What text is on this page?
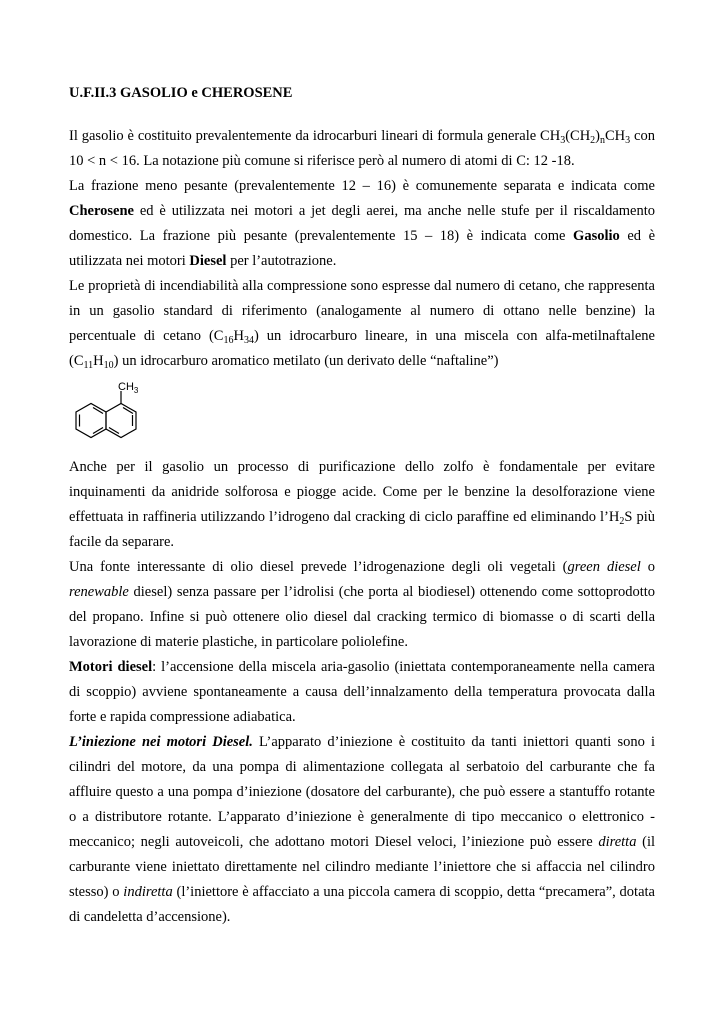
U.F.II.3 GASOLIO e CHEROSENE

Il gasolio è costituito prevalentemente da idrocarburi lineari di formula generale $CH_3(CH_2)_nCH_3$ con 10 < n < 16. La notazione più comune si riferisce però al numero di atomi di C: 12 -18.

La frazione meno pesante (prevalentemente 12 – 16) è comunemente separata e indicata come Cherosene ed è utilizzata nei motori a jet degli aerei, ma anche nelle stufe per il riscaldamento domestico. La frazione più pesante (prevalentemente 15 – 18) è indicata come Gasolio ed è utilizzata nei motori Diesel per l’autotrazione.

Le proprietà di incendiabilità alla compressione sono espresse dal numero di cetano, che rappresenta in un gasolio standard di riferimento (analogamente al numero di ottano nelle benzine) la percentuale di cetano $(C_{16}H_{34})$ un idrocarburo lineare, in una miscela con alfa-metilnaftalene $(C_{11}H_{10})$ un idrocarburo aromatico metilato (un derivato delle “naftaline”)

$CH_3$

Anche per il gasolio un processo di purificazione dello zolfo è fondamentale per evitare inquinamenti da anidride solforosa e piogge acide. Come per le benzine la desolforazione viene effettuata in raffineria utilizzando l’idrogeno dal cracking di ciclo paraffine ed eliminando $l’H_2S$ più facile da separare.

Una fonte interessante di olio diesel prevede l’idrogenazione degli oli vegetali (green diesel o renewable diesel) senza passare per l’idrolisi (che porta al biodiesel) ottenendo come sottoprodotto del propano. Infine si può ottenere olio diesel dal cracking termico di biomasse o di scarti della lavorazione di materie plastiche, in particolare poliolefine.

Motori diesel: l’accensione della miscela aria-gasolio (iniettata contemporaneamente nella camera di scoppio) avviene spontaneamente a causa dell’innalzamento della temperatura provocata dalla forte e rapida compressione adiabatica.

L’iniezione nei motori Diesel. L’apparato d’iniezione è costituito da tanti iniettori quanti sono i cilindri del motore, da una pompa di alimentazione collegata al serbatoio del carburante che fa affluire questo a una pompa d’iniezione (dosatore del carburante), che può essere a stantuffo rotante o a distributore rotante. L’apparato d’iniezione è generalmente di tipo meccanico o elettronico - meccanico; negli autoveicoli, che adottano motori Diesel veloci, l’iniezione può essere diretta (il carburante viene iniettato direttamente nel cilindro mediante l’iniettore che si affaccia nel cilindro stesso) o indiretta (l’iniettore è affacciato a una piccola camera di scoppio, detta “precamera”, dotata di candeletta d’accensione).
